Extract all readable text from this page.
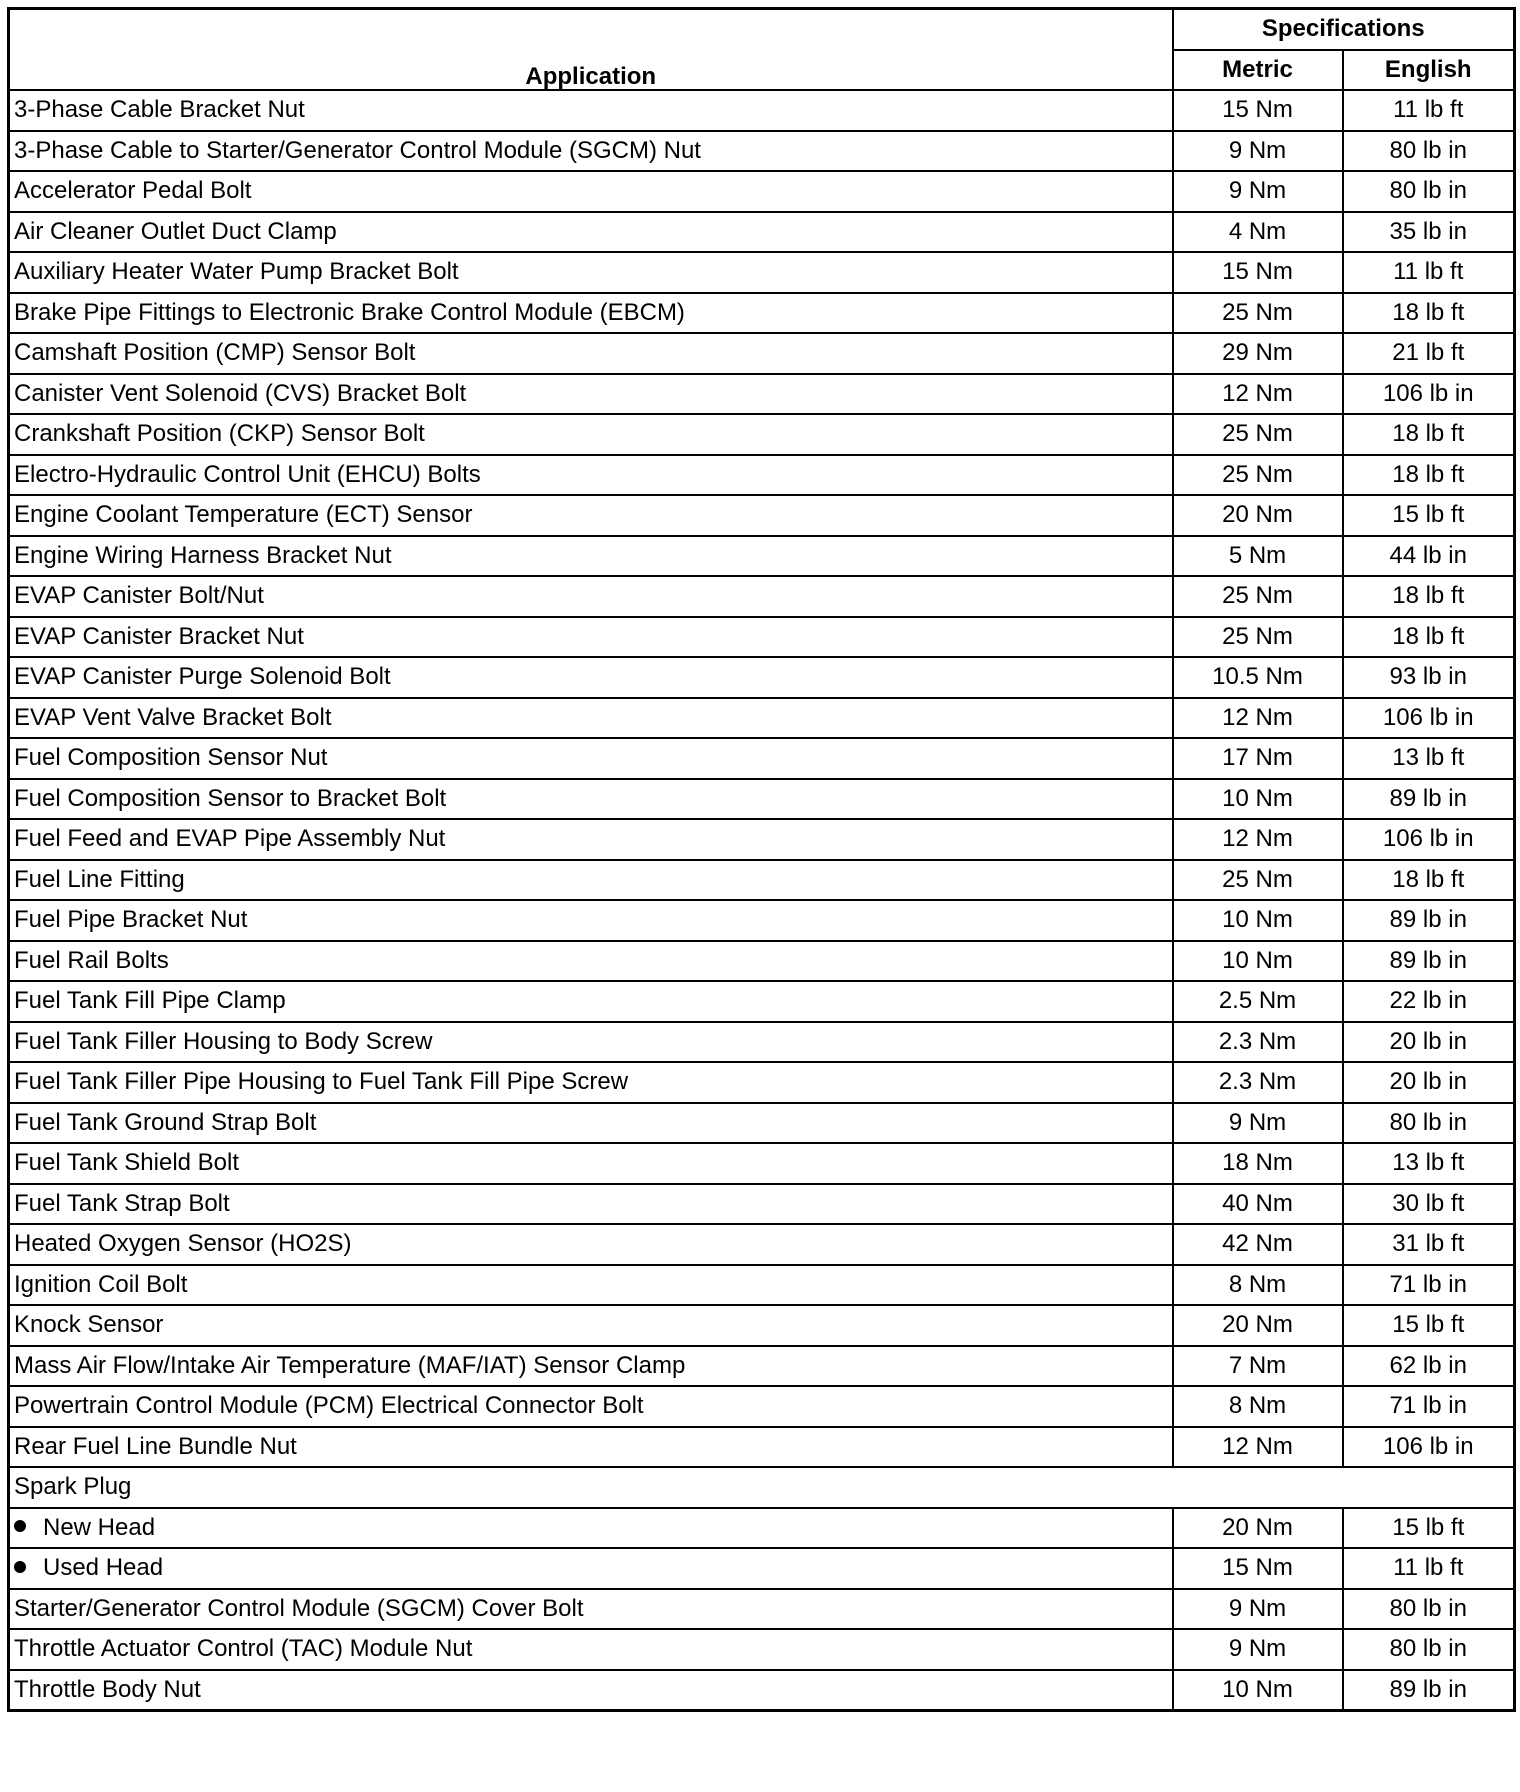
Application	Specifications	
	Metric	English
3-Phase Cable Bracket Nut	15 Nm	11 lb ft
3-Phase Cable to Starter/Generator Control Module (SGCM) Nut	9 Nm	80 lb in
Accelerator Pedal Bolt	9 Nm	80 lb in
Air Cleaner Outlet Duct Clamp	4 Nm	35 lb in
Auxiliary Heater Water Pump Bracket Bolt	15 Nm	11 lb ft
Brake Pipe Fittings to Electronic Brake Control Module (EBCM)	25 Nm	18 lb ft
Camshaft Position (CMP) Sensor Bolt	29 Nm	21 lb ft
Canister Vent Solenoid (CVS) Bracket Bolt	12 Nm	106 lb in
Crankshaft Position (CKP) Sensor Bolt	25 Nm	18 lb ft
Electro-Hydraulic Control Unit (EHCU) Bolts	25 Nm	18 lb ft
Engine Coolant Temperature (ECT) Sensor	20 Nm	15 lb ft
Engine Wiring Harness Bracket Nut	5 Nm	44 lb in
EVAP Canister Bolt/Nut	25 Nm	18 lb ft
EVAP Canister Bracket Nut	25 Nm	18 lb ft
EVAP Canister Purge Solenoid Bolt	10.5 Nm	93 lb in
EVAP Vent Valve Bracket Bolt	12 Nm	106 lb in
Fuel Composition Sensor Nut	17 Nm	13 lb ft
Fuel Composition Sensor to Bracket Bolt	10 Nm	89 lb in
Fuel Feed and EVAP Pipe Assembly Nut	12 Nm	106 lb in
Fuel Line Fitting	25 Nm	18 lb ft
Fuel Pipe Bracket Nut	10 Nm	89 lb in
Fuel Rail Bolts	10 Nm	89 lb in
Fuel Tank Fill Pipe Clamp	2.5 Nm	22 lb in
Fuel Tank Filler Housing to Body Screw	2.3 Nm	20 lb in
Fuel Tank Filler Pipe Housing to Fuel Tank Fill Pipe Screw	2.3 Nm	20 lb in
Fuel Tank Ground Strap Bolt	9 Nm	80 lb in
Fuel Tank Shield Bolt	18 Nm	13 lb ft
Fuel Tank Strap Bolt	40 Nm	30 lb ft
Heated Oxygen Sensor (HO2S)	42 Nm	31 lb ft
Ignition Coil Bolt	8 Nm	71 lb in
Knock Sensor	20 Nm	15 lb ft
Mass Air Flow/Intake Air Temperature (MAF/IAT) Sensor Clamp	7 Nm	62 lb in
Powertrain Control Module (PCM) Electrical Connector Bolt	8 Nm	71 lb in
Rear Fuel Line Bundle Nut	12 Nm	106 lb in
Spark Plug		
New Head	20 Nm	15 lb ft
Used Head	15 Nm	11 lb ft
Starter/Generator Control Module (SGCM) Cover Bolt	9 Nm	80 lb in
Throttle Actuator Control (TAC) Module Nut	9 Nm	80 lb in
Throttle Body Nut	10 Nm	89 lb in
